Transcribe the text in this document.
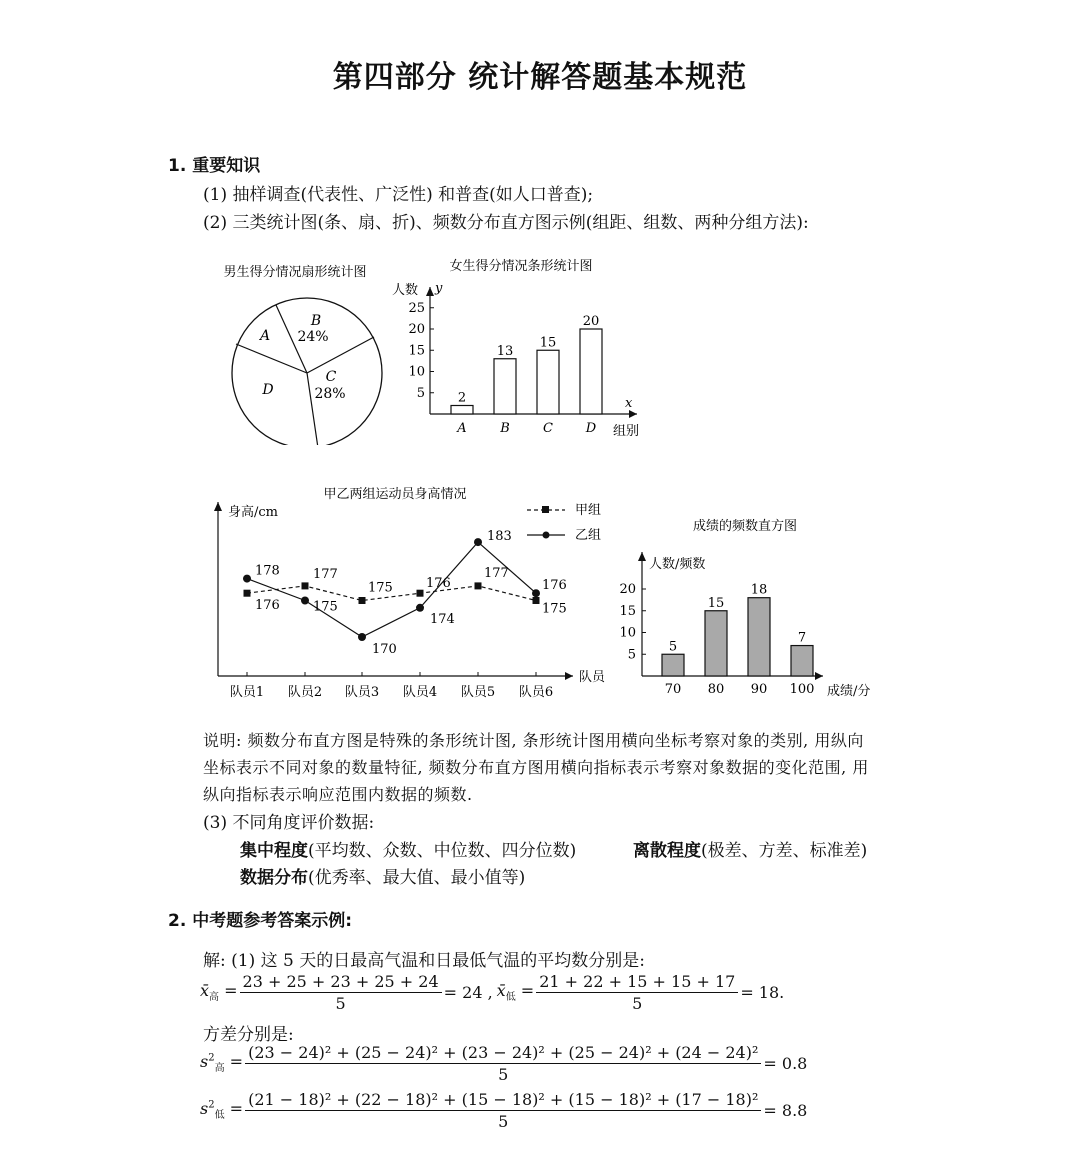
第四部分 统计解答题基本规范
1. 重要知识
(1) 抽样调查(代表性、广泛性) 和普查(如人口普查);
(2) 三类统计图(条、扇、折)、频数分布直方图示例(组距、组数、两种分组方法):
男生得分情况扇形统计图
A
B
24%
C
28%
D
女生得分情况条形统计图
人数 y
x
组别
5
10
15
20
25
2
A
13
B
15
C
20
D
甲乙两组运动员身高情况
身高/cm
队员
甲组
乙组
队员1 队员2 队员3 队员4 队员5 队员6
176
177
175	176
177
175
178
175
170
174
183
176
成绩的频数直方图
人数/频数
成绩/分
5
10
15
20
5
70
15
80
18
90
7
100
说明: 频数分布直方图是特殊的条形统计图, 条形统计图用横向坐标考察对象的类别, 用纵向
坐标表示不同对象的数量特征, 频数分布直方图用横向指标表示考察对象数据的变化范围, 用
纵向指标表示响应范围内数据的频数.
(3) 不同角度评价数据:
集中程度(平均数、众数、中位数、四分位数)	离散程度(极差、方差、标准差)
数据分布(优秀率、最大值、最小值等)
2. 中考题参考答案示例:
解: (1) 这 5 天的日最高气温和日最低气温的平均数分别是:
$x̄_高 = \frac{23 + 25 + 23 + 25 + 24}{5} = 24$ , $x̄_低 = \frac{21 + 22 + 15 + 15 + 17}{5} = 18$.
方差分别是:
$s^2_高 = (23 - 24)^2 + (25 - 24)^2 + (23 - 24)^2 + (25 - 24)^2 + (24 - 24)^2$
5
= 0.8
$s^2_低 = (21 - 18)^2 + (22 - 18)^2 + (15 - 18)^2 + (15 - 18)^2 + (17 - 18)^2$
5
= 8.8
